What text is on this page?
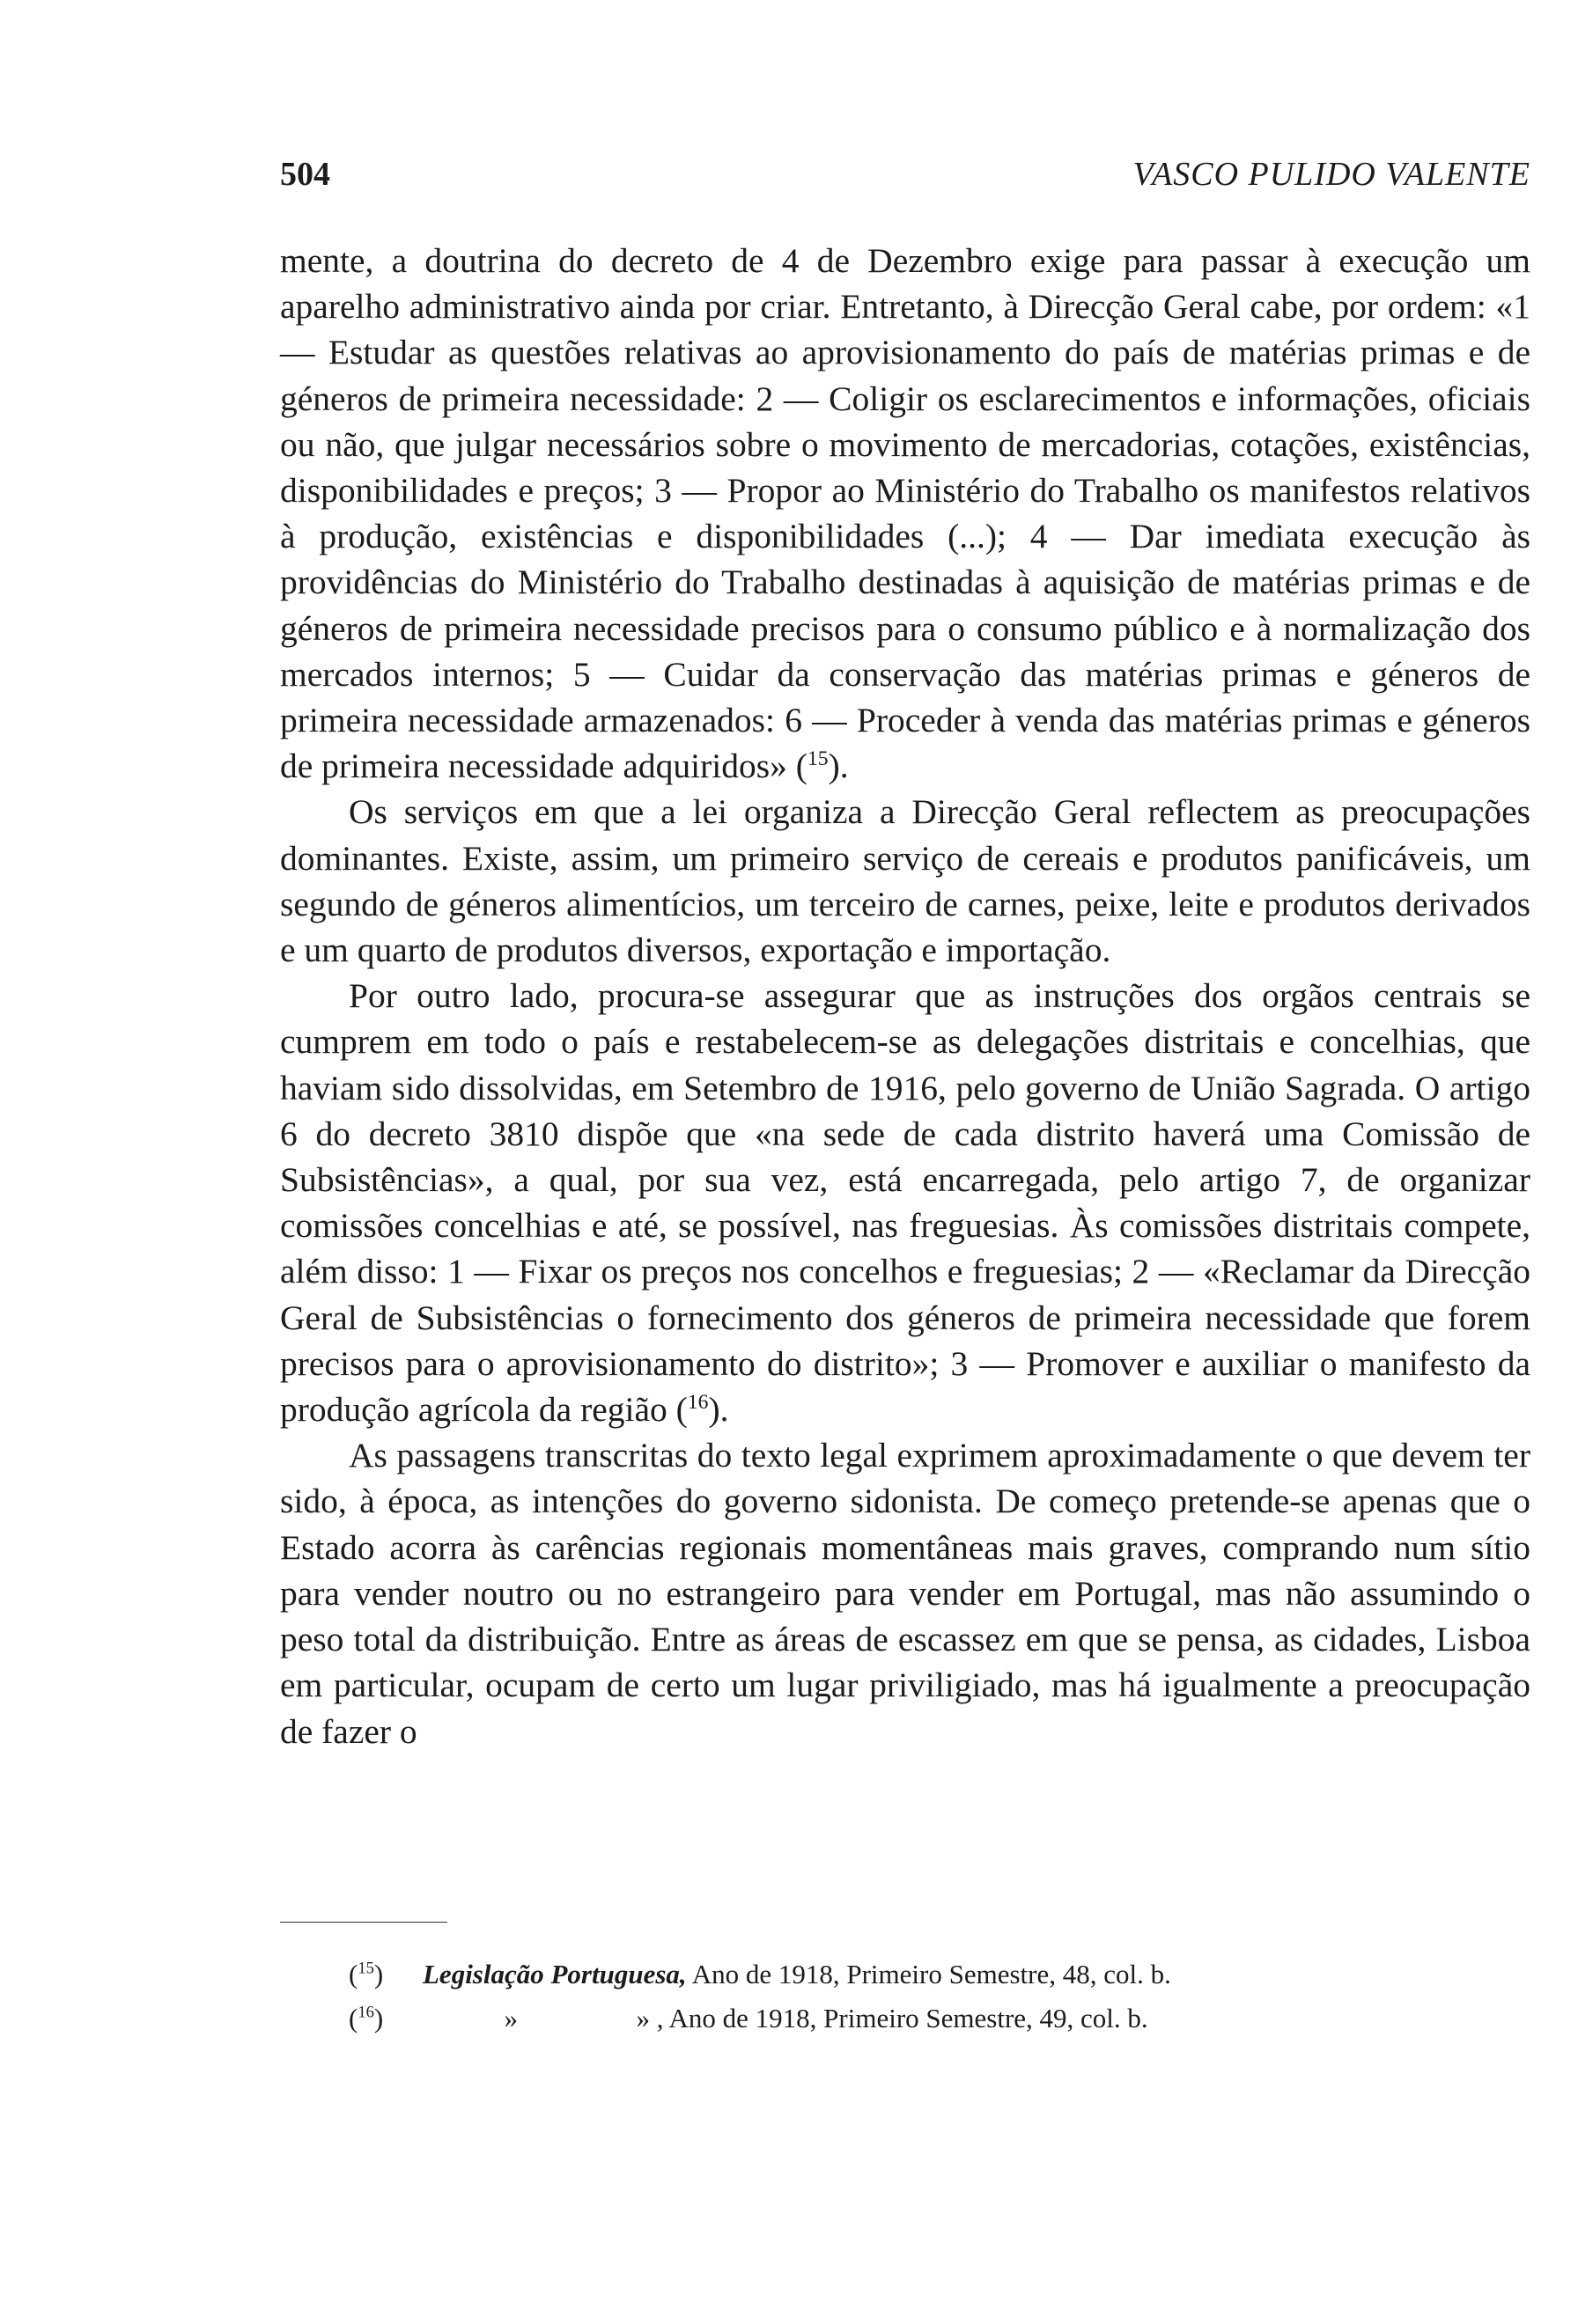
504	VASCO PULIDO VALENTE

mente, a doutrina do decreto de 4 de Dezembro exige para passar à execução um aparelho administrativo ainda por criar. Entretanto, à Direcção Geral cabe, por ordem: «1 — Estudar as questões relativas ao aprovisionamento do país de matérias primas e de géneros de primeira necessidade: 2 — Coligir os esclarecimentos e informações, oficiais ou não, que julgar necessários sobre o movimento de mercadorias, cotações, existências, disponibilidades e preços; 3 — Propor ao Ministério do Trabalho os manifestos relativos à produção, existências e disponibilidades (...); 4 — Dar imediata execução às providências do Ministério do Trabalho destinadas à aquisição de matérias primas e de géneros de primeira necessidade precisos para o consumo público e à normalização dos mercados internos; 5 — Cuidar da conservação das matérias primas e géneros de primeira necessidade armazenados: 6 — Proceder à venda das matérias primas e géneros de primeira necessidade adquiridos» ($^{15}$).

Os serviços em que a lei organiza a Direcção Geral reflectem as preocupações dominantes. Existe, assim, um primeiro serviço de cereais e produtos panificáveis, um segundo de géneros alimentícios, um terceiro de carnes, peixe, leite e produtos derivados e um quarto de produtos diversos, exportação e importação.

Por outro lado, procura-se assegurar que as instruções dos orgãos centrais se cumprem em todo o país e restabelecem-se as delegações distritais e concelhias, que haviam sido dissolvidas, em Setembro de 1916, pelo governo de União Sagrada. O artigo 6 do decreto 3810 dispõe que «na sede de cada distrito haverá uma Comissão de Subsistências», a qual, por sua vez, está encarregada, pelo artigo 7, de organizar comissões concelhias e até, se possível, nas freguesias. Às comissões distritais compete, além disso: 1 — Fixar os preços nos concelhos e freguesias; 2 — «Reclamar da Direcção Geral de Subsistências o fornecimento dos géneros de primeira necessidade que forem precisos para o aprovisionamento do distrito»; 3 — Promover e auxiliar o manifesto da produção agrícola da região ($^{16}$).

As passagens transcritas do texto legal exprimem aproximadamente o que devem ter sido, à época, as intenções do governo sidonista. De começo pretende-se apenas que o Estado acorra às carências regionais momentâneas mais graves, comprando num sítio para vender noutro ou no estrangeiro para vender em Portugal, mas não assumindo o peso total da distribuição. Entre as áreas de escassez em que se pensa, as cidades, Lisboa em particular, ocupam de certo um lugar priviligiado, mas há igualmente a preocupação de fazer o

($^{15}$)	Legislação Portuguesa, Ano de 1918, Primeiro Semestre, 48, col. b.
($^{16}$)	»	» , Ano de 1918, Primeiro Semestre, 49, col. b.
